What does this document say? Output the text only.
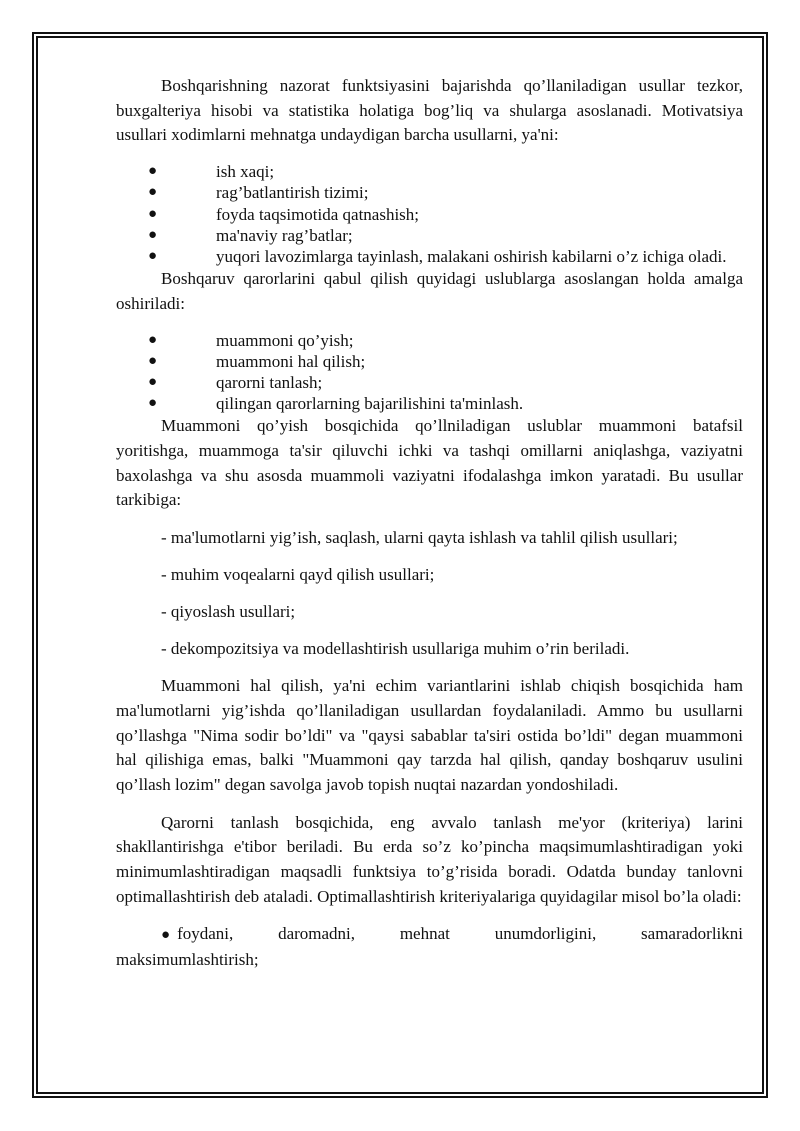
Boshqarishning nazorat funktsiyasini bajarishda qo’llaniladigan usullar tezkor, buxgalteriya hisobi va statistika holatiga bog’liq va shularga asoslanadi. Motivatsiya usullari xodimlarni mehnatga undaydigan barcha usullarni, ya'ni:

●	ish xaqi;
●	rag’batlantirish tizimi;
●	foyda taqsimotida qatnashish;
●	ma'naviy rag’batlar;
●	yuqori lavozimlarga tayinlash, malakani oshirish kabilarni o’z ichiga oladi.

Boshqaruv qarorlarini qabul qilish quyidagi uslublarga asoslangan holda amalga oshiriladi:

●	muammoni qo’yish;
●	muammoni hal qilish;
●	qarorni tanlash;
●	qilingan qarorlarning bajarilishini ta'minlash.

Muammoni qo’yish bosqichida qo’llniladigan uslublar muammoni batafsil yoritishga, muammoga ta'sir qiluvchi ichki va tashqi omillarni aniqlashga, vaziyatni baxolashga va shu asosda muammoli vaziyatni ifodalashga imkon yaratadi. Bu usullar tarkibiga:

- ma'lumotlarni yig’ish, saqlash, ularni qayta ishlash va tahlil qilish usullari;

- muhim voqealarni qayd qilish usullari;

- qiyoslash usullari;

- dekompozitsiya va modellashtirish usullariga muhim o’rin beriladi.

Muammoni hal qilish, ya'ni echim variantlarini ishlab chiqish bosqichida ham ma'lumotlarni yig’ishda qo’llaniladigan usullardan foydalaniladi. Ammo bu usullarni qo’llashga "Nima sodir bo’ldi" va "qaysi sabablar ta'siri ostida bo’ldi" degan muammoni hal qilishiga emas, balki "Muammoni qay tarzda hal qilish, qanday boshqaruv usulini qo’llash lozim" degan savolga javob topish nuqtai nazardan yondoshiladi.

Qarorni tanlash bosqichida, eng avvalo tanlash me'yor (kriteriya) larini shakllantirishga e'tibor beriladi. Bu erda so’z ko’pincha maqsimumlashtiradigan yoki minimumlashtiradigan maqsadli funktsiya to’g’risida boradi. Odatda bunday tanlovni optimallashtirish deb ataladi. Optimallashtirish kriteriyalariga quyidagilar misol bo’la oladi:

● foydani,	daromadni,	mehnat	unumdorligini,	samaradorlikni
maksimumlashtirish;
